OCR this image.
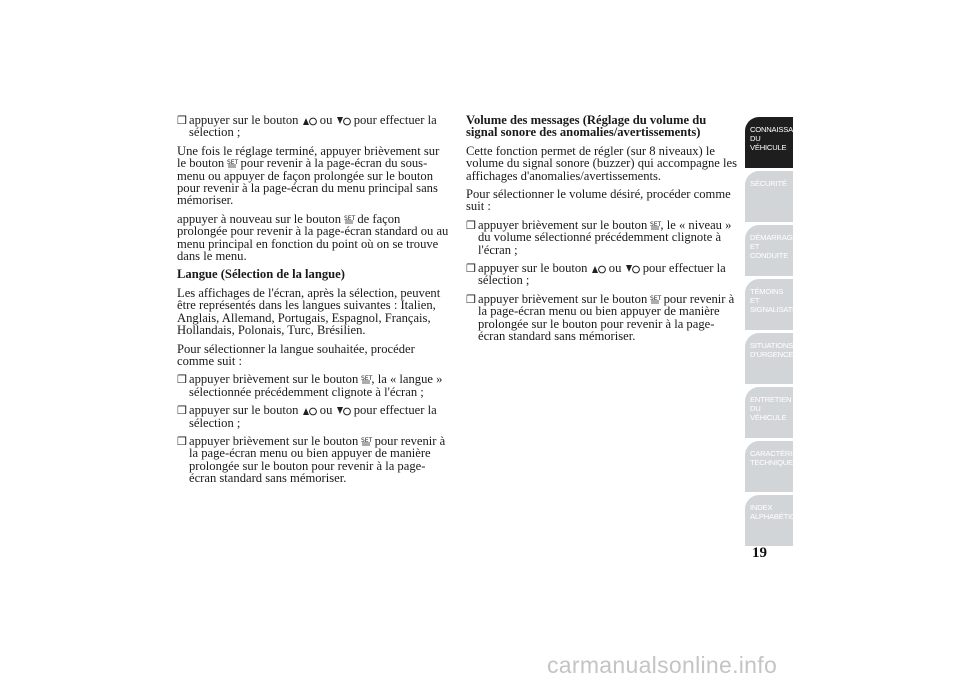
❒ appuyer sur le bouton ou pour effectuer la sélection ;
Une fois le réglage terminé, appuyer brièvement sur le bouton SET pour revenir à la page-écran du sous-menu ou appuyer de façon prolongée sur le bouton pour revenir à la page-écran du menu principal sans mémoriser.
appuyer à nouveau sur le bouton SET de façon prolongée pour revenir à la page-écran standard ou au menu principal en fonction du point où on se trouve dans le menu.
Langue (Sélection de la langue)
Les affichages de l'écran, après la sélection, peuvent être représentés dans les langues suivantes : Italien, Anglais, Allemand, Portugais, Espagnol, Français, Hollandais, Polonais, Turc, Brésilien.
Pour sélectionner la langue souhaitée, procéder comme suit :
❒ appuyer brièvement sur le bouton SET
, la « langue » sélectionnée précédemment clignote à l'écran ;
❒ appuyer sur le bouton ou pour effectuer la sélection ;
❒ appuyer brièvement sur le bouton SET pour revenir à la page-écran menu ou bien appuyer de manière prolongée sur le bouton pour revenir à la page-écran standard sans mémoriser.
Volume des messages (Réglage du volume du signal sonore des anomalies/avertissements)
Cette fonction permet de régler (sur 8 niveaux) le volume du signal sonore (buzzer) qui accompagne les affichages d'anomalies/avertissements.
Pour sélectionner le volume désiré, procéder comme suit :
❒ appuyer brièvement sur le bouton SET
, le « niveau » du volume sélectionné précédemment clignote à l'écran ;
❒ appuyer sur le bouton ou pour effectuer la sélection ;
❒ appuyer brièvement sur le bouton SET pour revenir à la page-écran menu ou bien appuyer de manière prolongée sur le bouton pour revenir à la page-écran standard sans mémoriser.
CONNAISSANCE DU VÉHICULE
SÉCURITÉ
DÉMARRAGE ET CONDUITE
TÉMOINS ET SIGNALISATION
SITUATIONS D'URGENCE
ENTRETIEN DU VÉHICULE
CARACTÉRISTIQUES TECHNIQUES
INDEX ALPHABÉTIQUE
19
carmanualsonline.info
